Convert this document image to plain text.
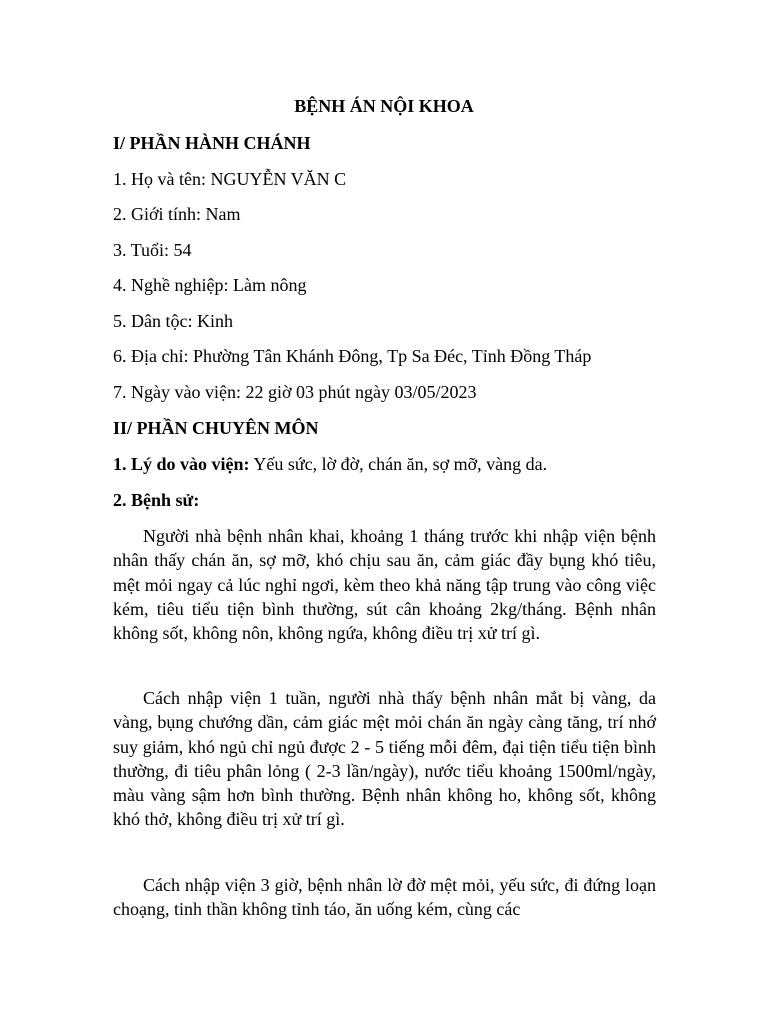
BỆNH ÁN NỘI KHOA
I/ PHẦN HÀNH CHÁNH
1. Họ và tên: NGUYỄN VĂN C
2. Giới tính: Nam
3. Tuổi: 54
4. Nghề nghiệp: Làm nông
5. Dân tộc: Kinh
6. Địa chỉ: Phường Tân Khánh Đông, Tp Sa Đéc, Tỉnh Đồng Tháp
7. Ngày vào viện: 22 giờ 03 phút ngày 03/05/2023
II/ PHẦN CHUYÊN MÔN
1. Lý do vào viện: Yếu sức, lờ đờ, chán ăn, sợ mỡ, vàng da.
2. Bệnh sử:
Người nhà bệnh nhân khai, khoảng 1 tháng trước khi nhập viện bệnh nhân thấy chán ăn, sợ mỡ, khó chịu sau ăn, cảm giác đầy bụng khó tiêu, mệt mỏi ngay cả lúc nghỉ ngơi, kèm theo khả năng tập trung vào công việc kém, tiêu tiểu tiện bình thường, sút cân khoảng 2kg/tháng. Bệnh nhân không sốt, không nôn, không ngứa, không điều trị xử trí gì.
Cách nhập viện 1 tuần, người nhà thấy bệnh nhân mắt bị vàng, da vàng, bụng chướng dần, cảm giác mệt mỏi chán ăn ngày càng tăng, trí nhớ suy giảm, khó ngủ chỉ ngủ được 2 - 5 tiếng mỗi đêm, đại tiện tiểu tiện bình thường, đi tiêu phân lỏng ( 2-3 lần/ngày), nước tiểu khoảng 1500ml/ngày, màu vàng sậm hơn bình thường. Bệnh nhân không ho, không sốt, không khó thở, không điều trị xử trí gì.
Cách nhập viện 3 giờ, bệnh nhân lờ đờ mệt mỏi, yếu sức, đi đứng loạn choạng, tinh thần không tỉnh táo, ăn uống kém, cùng các
